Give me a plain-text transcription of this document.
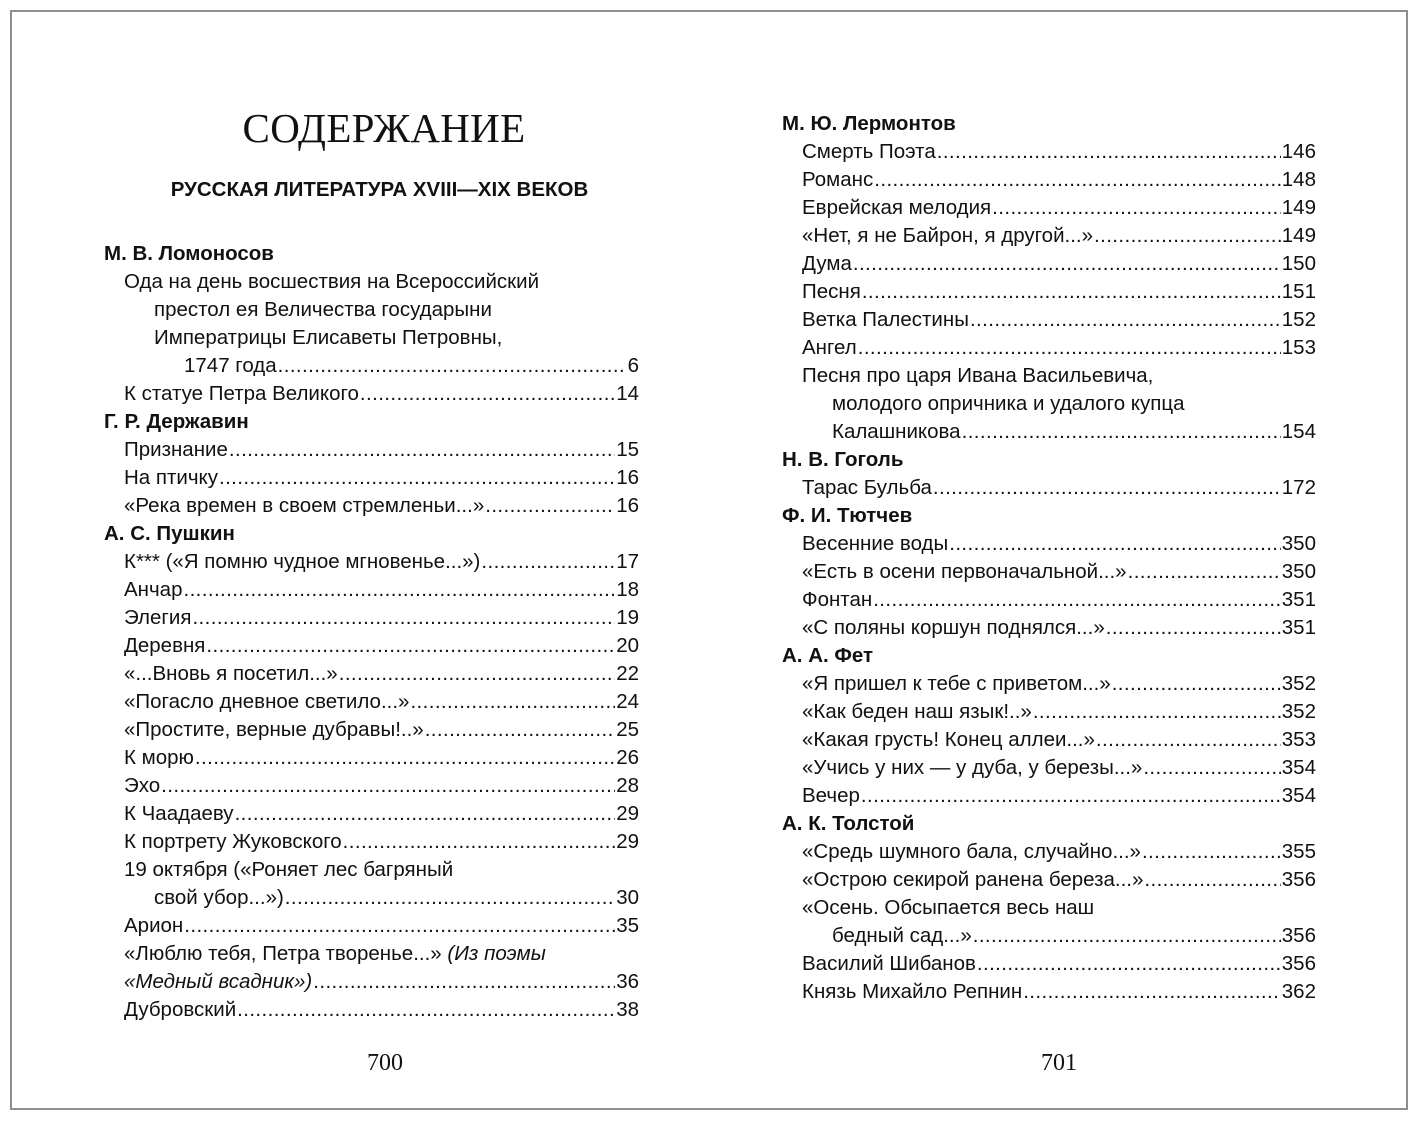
СОДЕРЖАНИЕ
РУССКАЯ ЛИТЕРАТУРА XVIII—XIX ВЕКОВ
М. В. Ломоносов
Ода на день восшествия на Всероссийский
престол ея Величества государыни
Императрицы Елисаветы Петровны,
1747 года .....	6
К статуе Петра Великого .....	14
Г. Р. Державин
Признание .....	15
На птичку .....	16
«Река времен в своем стремленьи...» .....	16
А. С. Пушкин
К*** («Я помню чудное мгновенье...») .....	17
Анчар .....	18
Элегия .....	19
Деревня .....	20
«...Вновь я посетил...» .....	22
«Погасло дневное светило...» .....	24
«Простите, верные дубравы!..» .....	25
К морю .....	26
Эхо .....	28
К Чаадаеву .....	29
К портрету Жуковского .....	29
19 октября («Роняет лес багряный
свой убор...») .....	30
Арион .....	35
«Люблю тебя, Петра творенье...» (Из поэмы
«Медный всадник») .....	36
Дубровский .....	38
700
М. Ю. Лермонтов
Смерть Поэта .....	146
Романс .....	148
Еврейская мелодия .....	149
«Нет, я не Байрон, я другой...» .....	149
Дума .....	150
Песня .....	151
Ветка Палестины .....	152
Ангел .....	153
Песня про царя Ивана Васильевича,
молодого опричника и удалого купца
Калашникова .....	154
Н. В. Гоголь
Тарас Бульба .....	172
Ф. И. Тютчев
Весенние воды .....	350
«Есть в осени первоначальной...» .....	350
Фонтан .....	351
«С поляны коршун поднялся...» .....	351
А. А. Фет
«Я пришел к тебе с приветом...» .....	352
«Как беден наш язык!..» .....	352
«Какая грусть! Конец аллеи...» .....	353
«Учись у них — у дуба, у березы...» .....	354
Вечер .....	354
А. К. Толстой
«Средь шумного бала, случайно...» .....	355
«Острою секирой ранена береза...» .....	356
«Осень. Обсыпается весь наш
бедный сад...» .....	356
Василий Шибанов .....	356
Князь Михайло Репнин .....	362
701
